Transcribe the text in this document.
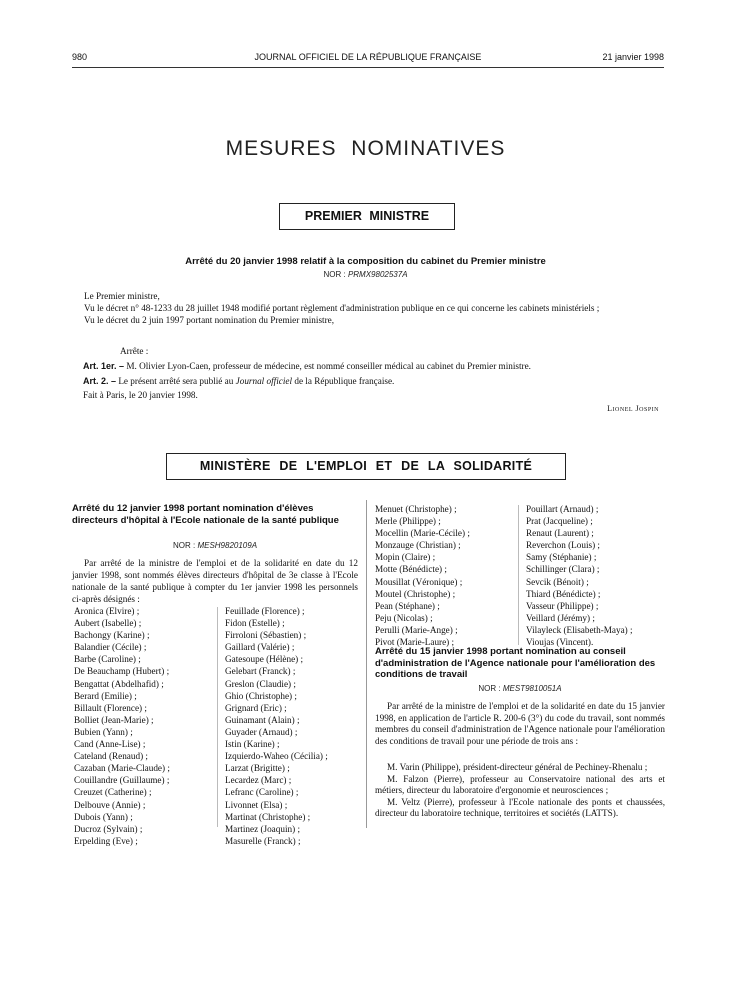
980	JOURNAL OFFICIEL DE LA RÉPUBLIQUE FRANÇAISE	21 janvier 1998
MESURES NOMINATIVES
PREMIER MINISTRE
Arrêté du 20 janvier 1998 relatif à la composition du cabinet du Premier ministre
NOR : PRMX9802537A
Le Premier ministre,
Vu le décret n° 48-1233 du 28 juillet 1948 modifié portant règlement d'administration publique en ce qui concerne les cabinets ministériels ;
Vu le décret du 2 juin 1997 portant nomination du Premier ministre,
Arrête :
Art. 1er. – M. Olivier Lyon-Caen, professeur de médecine, est nommé conseiller médical au cabinet du Premier ministre.
Art. 2. – Le présent arrêté sera publié au Journal officiel de la République française.
Fait à Paris, le 20 janvier 1998.
Lionel Jospin
MINISTÈRE DE L'EMPLOI ET DE LA SOLIDARITÉ
Arrêté du 12 janvier 1998 portant nomination d'élèves directeurs d'hôpital à l'Ecole nationale de la santé publique
NOR : MESH9820109A
Par arrêté de la ministre de l'emploi et de la solidarité en date du 12 janvier 1998, sont nommés élèves directeurs d'hôpital de 3e classe à l'Ecole nationale de la santé publique à compter du 1er janvier 1998 les personnels ci-après désignés :
Aronica (Elvire) ;
Aubert (Isabelle) ;
Bachongy (Karine) ;
Balandier (Cécile) ;
Barbe (Caroline) ;
De Beauchamp (Hubert) ;
Bengattat (Abdelhafid) ;
Berard (Emilie) ;
Billault (Florence) ;
Bolliet (Jean-Marie) ;
Bubien (Yann) ;
Cand (Anne-Lise) ;
Cateland (Renaud) ;
Cazaban (Marie-Claude) ;
Couillandre (Guillaume) ;
Creuzet (Catherine) ;
Delbouve (Annie) ;
Dubois (Yann) ;
Ducroz (Sylvain) ;
Erpelding (Eve) ;
Feuillade (Florence) ;
Fidon (Estelle) ;
Firroloni (Sébastien) ;
Gaillard (Valérie) ;
Gatesoupe (Hélène) ;
Gelebart (Franck) ;
Greslon (Claudie) ;
Ghio (Christophe) ;
Grignard (Eric) ;
Guinamant (Alain) ;
Guyader (Arnaud) ;
Istin (Karine) ;
Izquierdo-Waheo (Cécilia) ;
Larzat (Brigitte) ;
Lecardez (Marc) ;
Lefranc (Caroline) ;
Livonnet (Elsa) ;
Martinat (Christophe) ;
Martinez (Joaquin) ;
Masurelle (Franck) ;
Menuet (Christophe) ;
Merle (Philippe) ;
Mocellin (Marie-Cécile) ;
Monzauge (Christian) ;
Mopin (Claire) ;
Motte (Bénédicte) ;
Mousillat (Véronique) ;
Moutel (Christophe) ;
Pean (Stéphane) ;
Peju (Nicolas) ;
Perulli (Marie-Ange) ;
Pivot (Marie-Laure) ;
Pouillart (Arnaud) ;
Prat (Jacqueline) ;
Renaut (Laurent) ;
Reverchon (Louis) ;
Samy (Stéphanie) ;
Schillinger (Clara) ;
Sevcik (Bénoit) ;
Thiard (Bénédicte) ;
Vasseur (Philippe) ;
Veillard (Jérémy) ;
Vilayleck (Elisabeth-Maya) ;
Vioujas (Vincent).
Arrêté du 15 janvier 1998 portant nomination au conseil d'administration de l'Agence nationale pour l'amélioration des conditions de travail
NOR : MEST9810051A
Par arrêté de la ministre de l'emploi et de la solidarité en date du 15 janvier 1998, en application de l'article R. 200-6 (3°) du code du travail, sont nommés membres du conseil d'administration de l'Agence nationale pour l'amélioration des conditions de travail pour une période de trois ans :
M. Varin (Philippe), président-directeur général de Pechiney-Rhenalu ;
M. Falzon (Pierre), professeur au Conservatoire national des arts et métiers, directeur du laboratoire d'ergonomie et neurosciences ;
M. Veltz (Pierre), professeur à l'Ecole nationale des ponts et chaussées, directeur du laboratoire technique, territoires et sociétés (LATTS).
